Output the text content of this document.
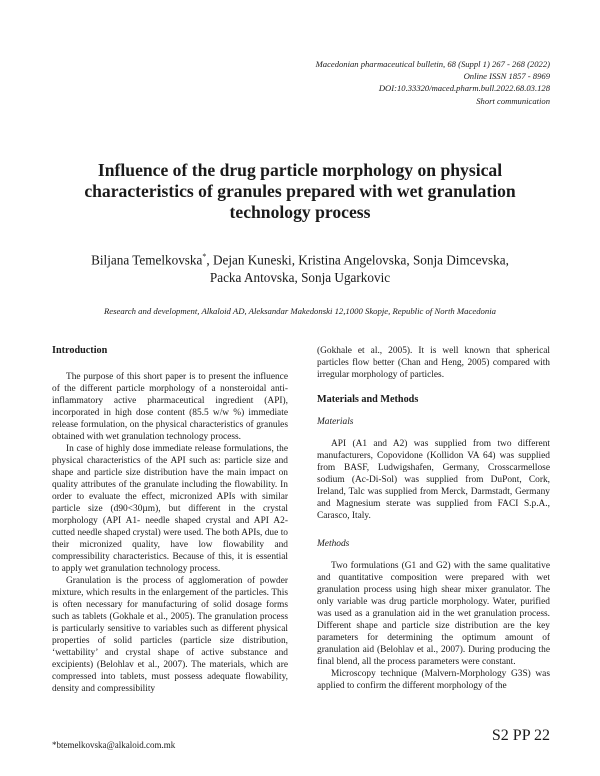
Macedonian pharmaceutical bulletin, 68 (Suppl 1) 267 - 268 (2022)
Online ISSN 1857 - 8969
DOI:10.33320/maced.pharm.bull.2022.68.03.128
Short communication
Influence of the drug particle morphology on physical
characteristics of granules prepared with wet granulation
technology process
Biljana Temelkovska*, Dejan Kuneski, Kristina Angelovska, Sonja Dimcevska,
Packa Antovska, Sonja Ugarkovic
Research and development, Alkaloid AD, Aleksandar Makedonski 12,1000 Skopje, Republic of North Macedonia
Introduction

The purpose of this short paper is to present the influence of the different particle morphology of a nonsteroidal anti-inflammatory active pharmaceutical ingredient (API), incorporated in high dose content (85.5 w/w %) immediate release formulation, on the physical characteristics of granules obtained with wet granulation technology process.

In case of highly dose immediate release formulations, the physical characteristics of the API such as: particle size and shape and particle size distribution have the main impact on quality attributes of the granulate including the flowability. In order to evaluate the effect, micronized APIs with similar particle size (d90<30µm), but different in the crystal morphology (API A1- needle shaped crystal and API A2-cutted needle shaped crystal) were used. The both APIs, due to their micronized quality, have low flowability and compressibility characteristics. Because of this, it is essential to apply wet granulation technology process.

Granulation is the process of agglomeration of powder mixture, which results in the enlargement of the particles. This is often necessary for manufacturing of solid dosage forms such as tablets (Gokhale et al., 2005). The granulation process is particularly sensitive to variables such as different physical properties of solid particles (particle size distribution, ‘wettability’ and crystal shape of active substance and excipients) (Belohlav et al., 2007). The materials, which are compressed into tablets, must possess adequate flowability, density and compressibility

(Gokhale et al., 2005). It is well known that spherical particles flow better (Chan and Heng, 2005) compared with irregular morphology of particles.

Materials and Methods
Materials

API (A1 and A2) was supplied from two different manufacturers, Copovidone (Kollidon VA 64) was supplied from BASF, Ludwigshafen, Germany, Crosscarmellose sodium (Ac-Di-Sol) was supplied from DuPont, Cork, Ireland, Talc was supplied from Merck, Darmstadt, Germany and Magnesium sterate was supplied from FACI S.p.A., Carasco, Italy.

Methods

Two formulations (G1 and G2) with the same qualitative and quantitative composition were prepared with wet granulation process using high shear mixer granulator. The only variable was drug particle morphology. Water, purified was used as a granulation aid in the wet granulation process. Different shape and particle size distribution are the key parameters for determining the optimum amount of granulation aid (Belohlav et al., 2007). During producing the final blend, all the process parameters were constant.

Microscopy technique (Malvern-Morphology G3S) was applied to confirm the different morphology of the

*btemelkovska@alkaloid.com.mk
S2 PP 22
